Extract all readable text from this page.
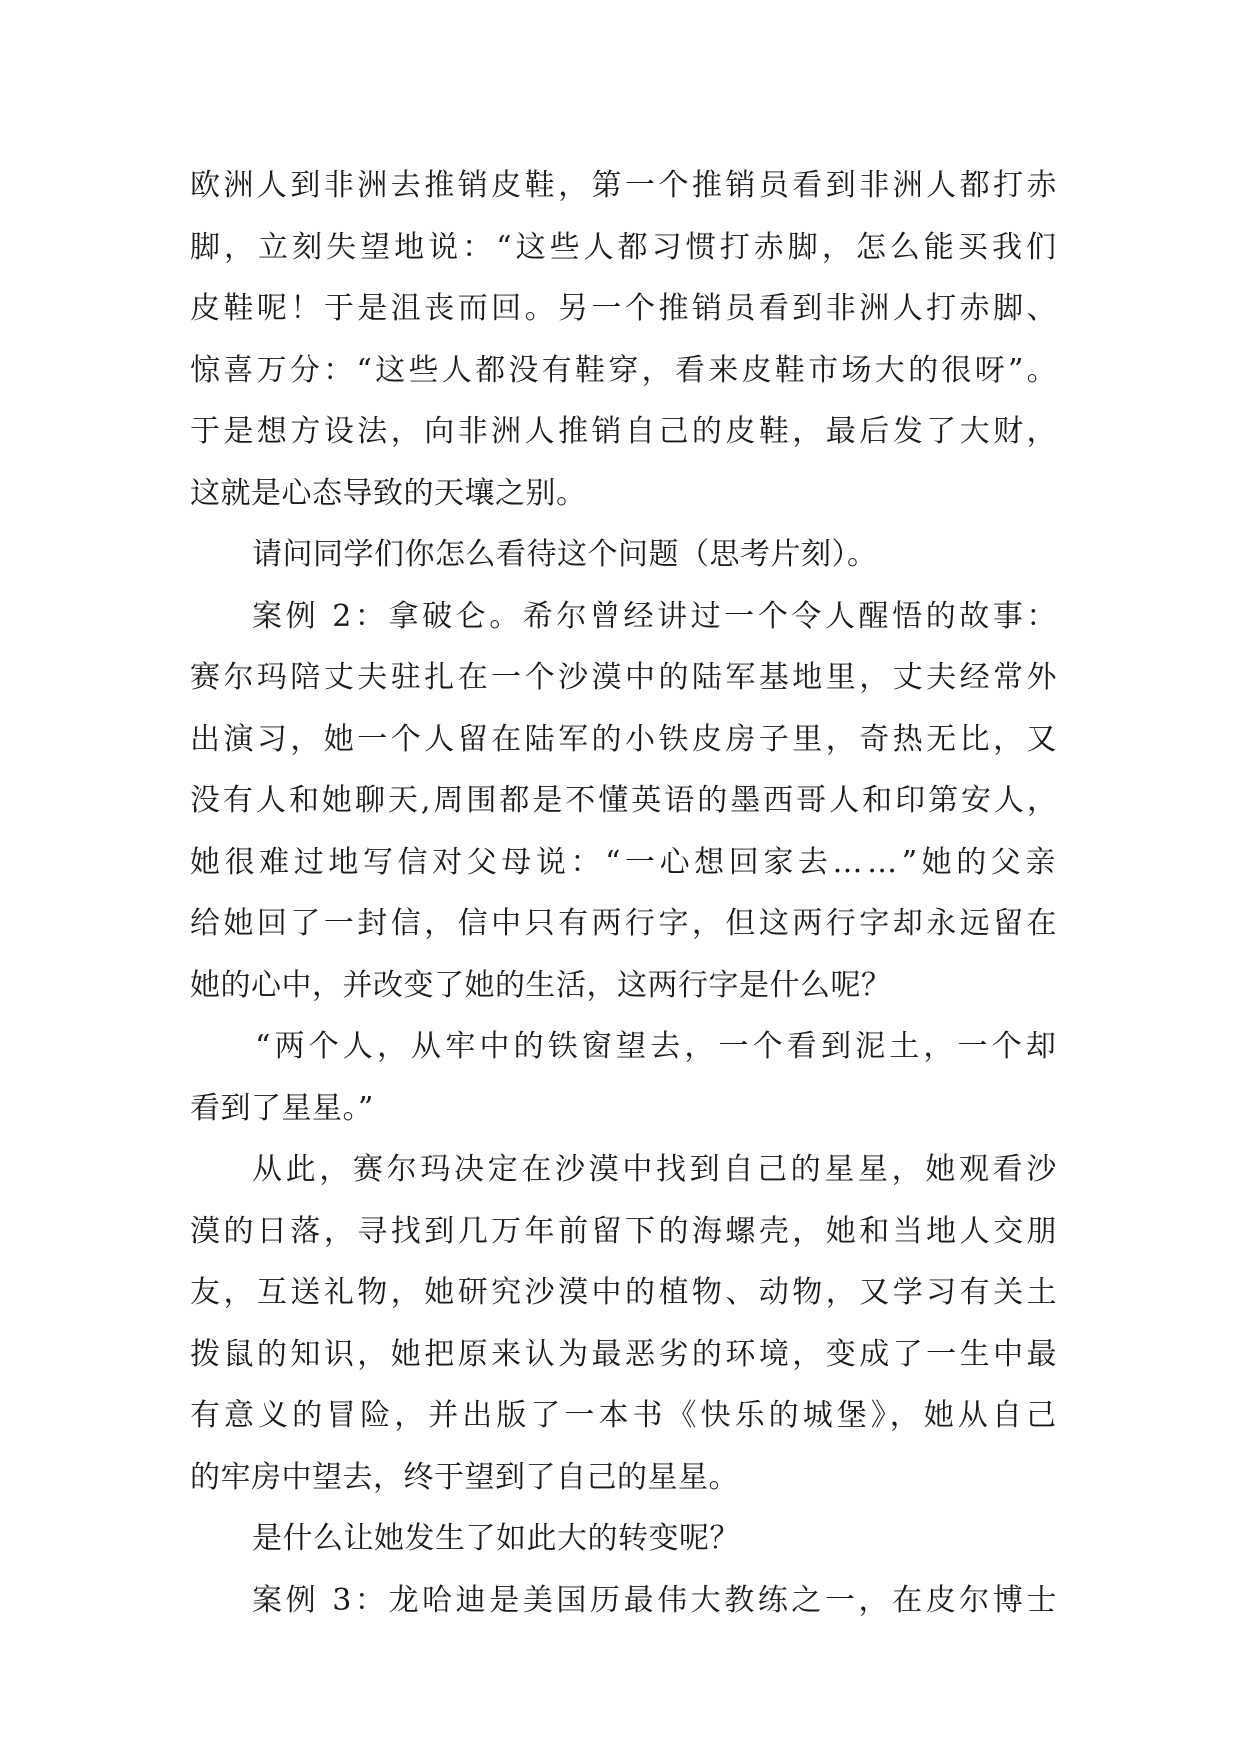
欧洲人到非洲去推销皮鞋，第一个推销员看到非洲人都打赤
脚，立刻失望地说：“这些人都习惯打赤脚，怎么能买我们
皮鞋呢！于是沮丧而回。另一个推销员看到非洲人打赤脚、
惊喜万分：“这些人都没有鞋穿，看来皮鞋市场大的很呀”。
于是想方设法，向非洲人推销自己的皮鞋，最后发了大财，
这就是心态导致的天壤之别。
请问同学们你怎么看待这个问题（思考片刻）。
案例 2：拿破仑。希尔曾经讲过一个令人醒悟的故事：
赛尔玛陪丈夫驻扎在一个沙漠中的陆军基地里，丈夫经常外
出演习，她一个人留在陆军的小铁皮房子里，奇热无比，又
没有人和她聊天,周围都是不懂英语的墨西哥人和印第安人，
她很难过地写信对父母说：“一心想回家去……”她的父亲
给她回了一封信，信中只有两行字，但这两行字却永远留在
她的心中，并改变了她的生活，这两行字是什么呢？
“两个人，从牢中的铁窗望去，一个看到泥土，一个却
看到了星星。”
从此，赛尔玛决定在沙漠中找到自己的星星，她观看沙
漠的日落，寻找到几万年前留下的海螺壳，她和当地人交朋
友，互送礼物，她研究沙漠中的植物、动物，又学习有关土
拨鼠的知识，她把原来认为最恶劣的环境，变成了一生中最
有意义的冒险，并出版了一本书《快乐的城堡》，她从自己
的牢房中望去，终于望到了自己的星星。
是什么让她发生了如此大的转变呢？
案例 3：龙哈迪是美国历最伟大教练之一，在皮尔博士
